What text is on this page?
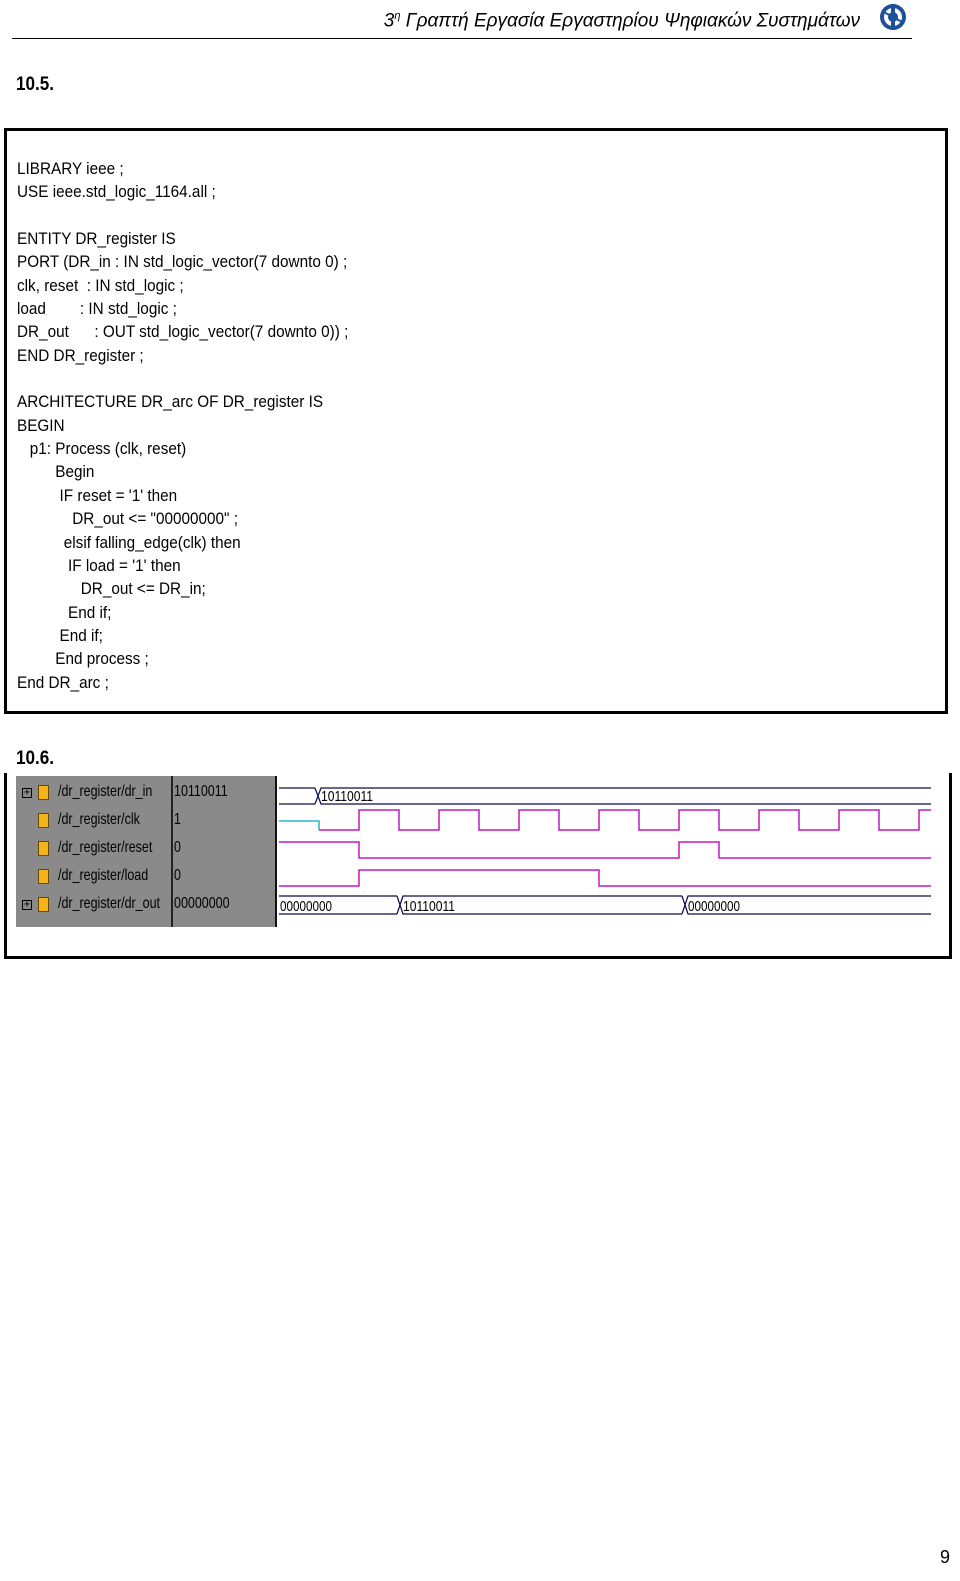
$3^\eta$ Γραπτή Εργασία Εργαστηρίου Ψηφιακών Συστημάτων
10.5.
LIBRARY ieee ;
USE ieee.std_logic_1164.all ;
ENTITY DR_register IS
PORT (DR_in : IN std_logic_vector(7 downto 0) ;
clk, reset  : IN std_logic ;
load        : IN std_logic ;
DR_out      : OUT std_logic_vector(7 downto 0)) ;
END DR_register ;
ARCHITECTURE DR_arc OF DR_register IS
BEGIN
p1: Process (clk, reset)
Begin
IF reset = '1' then
DR_out <= "00000000" ;
elsif falling_edge(clk) then
IF load = '1' then
DR_out <= DR_in;
End if;
End if;
End process ;
End DR_arc ;
10.6.
+ /dr_register/dr_in 10110011
/dr_register/clk 1
/dr_register/reset 0
/dr_register/load 0
+ /dr_register/dr_out 00000000
10110011
00000000	10110011	00000000
9
